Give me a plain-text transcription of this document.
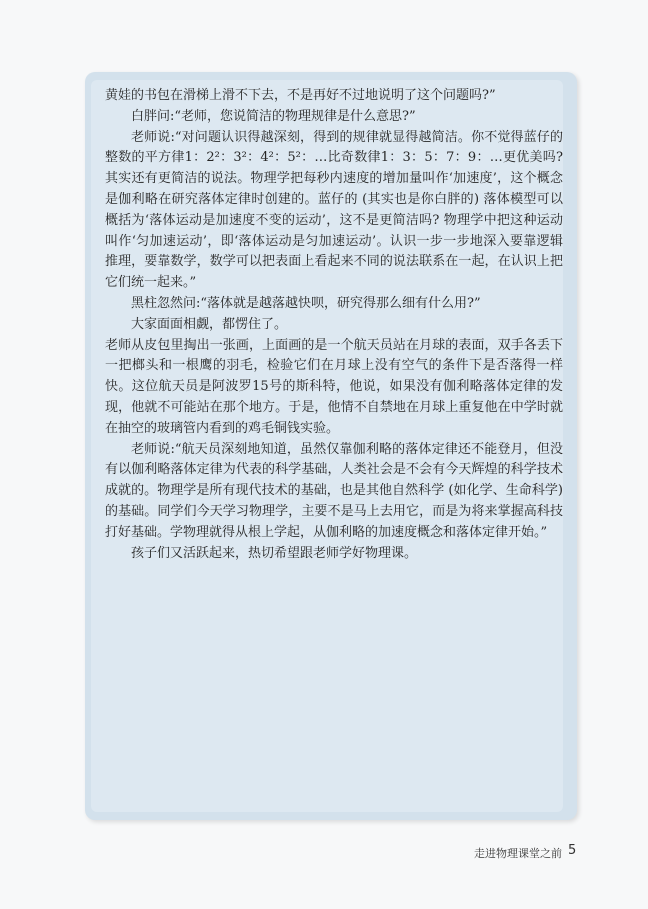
黄娃的书包在滑梯上滑不下去，不是再好不过地说明了这个问题吗?”

白胖问:“老师，您说简洁的物理规律是什么意思?”

老师说:“对问题认识得越深刻，得到的规律就显得越简洁。你不觉得蓝仔的整数的平方律1：2²：3²：4²：5²：…比奇数律1：3：5：7：9：…更优美吗? 其实还有更简洁的说法。物理学把每秒内速度的增加量叫作‘加速度’，这个概念是伽利略在研究落体定律时创建的。蓝仔的 (其实也是你白胖的) 落体模型可以概括为‘落体运动是加速度不变的运动’，这不是更简洁吗? 物理学中把这种运动叫作‘匀加速运动’，即‘落体运动是匀加速运动’。认识一步一步地深入要靠逻辑推理，要靠数学，数学可以把表面上看起来不同的说法联系在一起，在认识上把它们统一起来。”

黑柱忽然问:“落体就是越落越快呗，研究得那么细有什么用?”

大家面面相觑，都愣住了。

老师从皮包里掏出一张画，上面画的是一个航天员站在月球的表面，双手各丢下一把榔头和一根鹰的羽毛，检验它们在月球上没有空气的条件下是否落得一样快。这位航天员是阿波罗15号的斯科特，他说，如果没有伽利略落体定律的发现，他就不可能站在那个地方。于是，他情不自禁地在月球上重复他在中学时就在抽空的玻璃管内看到的鸡毛铜钱实验。

老师说:“航天员深刻地知道，虽然仅靠伽利略的落体定律还不能登月，但没有以伽利略落体定律为代表的科学基础，人类社会是不会有今天辉煌的科学技术成就的。物理学是所有现代技术的基础，也是其他自然科学 (如化学、生命科学) 的基础。同学们今天学习物理学，主要不是马上去用它，而是为将来掌握高科技打好基础。学物理就得从根上学起，从伽利略的加速度概念和落体定律开始。”

孩子们又活跃起来，热切希望跟老师学好物理课。

走进物理课堂之前 5
